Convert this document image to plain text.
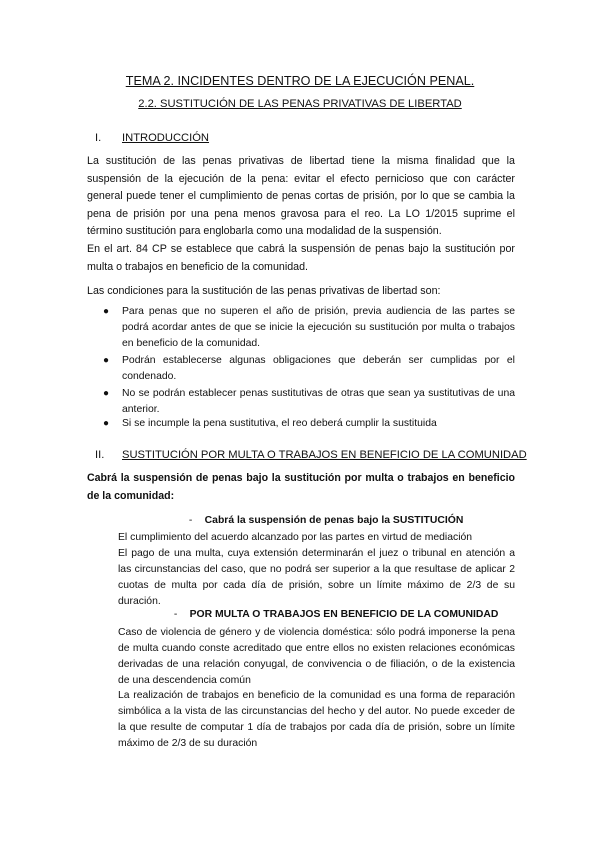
TEMA 2. INCIDENTES DENTRO DE LA EJECUCIÓN PENAL.
2.2. SUSTITUCIÓN DE LAS PENAS PRIVATIVAS DE LIBERTAD
I. INTRODUCCIÓN
La sustitución de las penas privativas de libertad tiene la misma finalidad que la suspensión de la ejecución de la pena: evitar el efecto pernicioso que con carácter general puede tener el cumplimiento de penas cortas de prisión, por lo que se cambia la pena de prisión por una pena menos gravosa para el reo. La LO 1/2015 suprime el término sustitución para englobarla como una modalidad de la suspensión.
En el art. 84 CP se establece que cabrá la suspensión de penas bajo la sustitución por multa o trabajos en beneficio de la comunidad.
Las condiciones para la sustitución de las penas privativas de libertad son:
●	Para penas que no superen el año de prisión, previa audiencia de las partes se podrá acordar antes de que se inicie la ejecución su sustitución por multa o trabajos en beneficio de la comunidad.
●	Podrán establecerse algunas obligaciones que deberán ser cumplidas por el condenado.
●	No se podrán establecer penas sustitutivas de otras que sean ya sustitutivas de una anterior.
●	Si se incumple la pena sustitutiva, el reo deberá cumplir la sustituida
II. SUSTITUCIÓN POR MULTA O TRABAJOS EN BENEFICIO DE LA COMUNIDAD
Cabrá la suspensión de penas bajo la sustitución por multa o trabajos en beneficio de la comunidad:
- Cabrá la suspensión de penas bajo la SUSTITUCIÓN
El cumplimiento del acuerdo alcanzado por las partes en virtud de mediación
El pago de una multa, cuya extensión determinarán el juez o tribunal en atención a las circunstancias del caso, que no podrá ser superior a la que resultase de aplicar 2 cuotas de multa por cada día de prisión, sobre un límite máximo de 2/3 de su duración.
- POR MULTA O TRABAJOS EN BENEFICIO DE LA COMUNIDAD
Caso de violencia de género y de violencia doméstica: sólo podrá imponerse la pena de multa cuando conste acreditado que entre ellos no existen relaciones económicas derivadas de una relación conyugal, de convivencia o de filiación, o de la existencia de una descendencia común
La realización de trabajos en beneficio de la comunidad es una forma de reparación simbólica a la vista de las circunstancias del hecho y del autor. No puede exceder de la que resulte de computar 1 día de trabajos por cada día de prisión, sobre un límite máximo de 2/3 de su duración
